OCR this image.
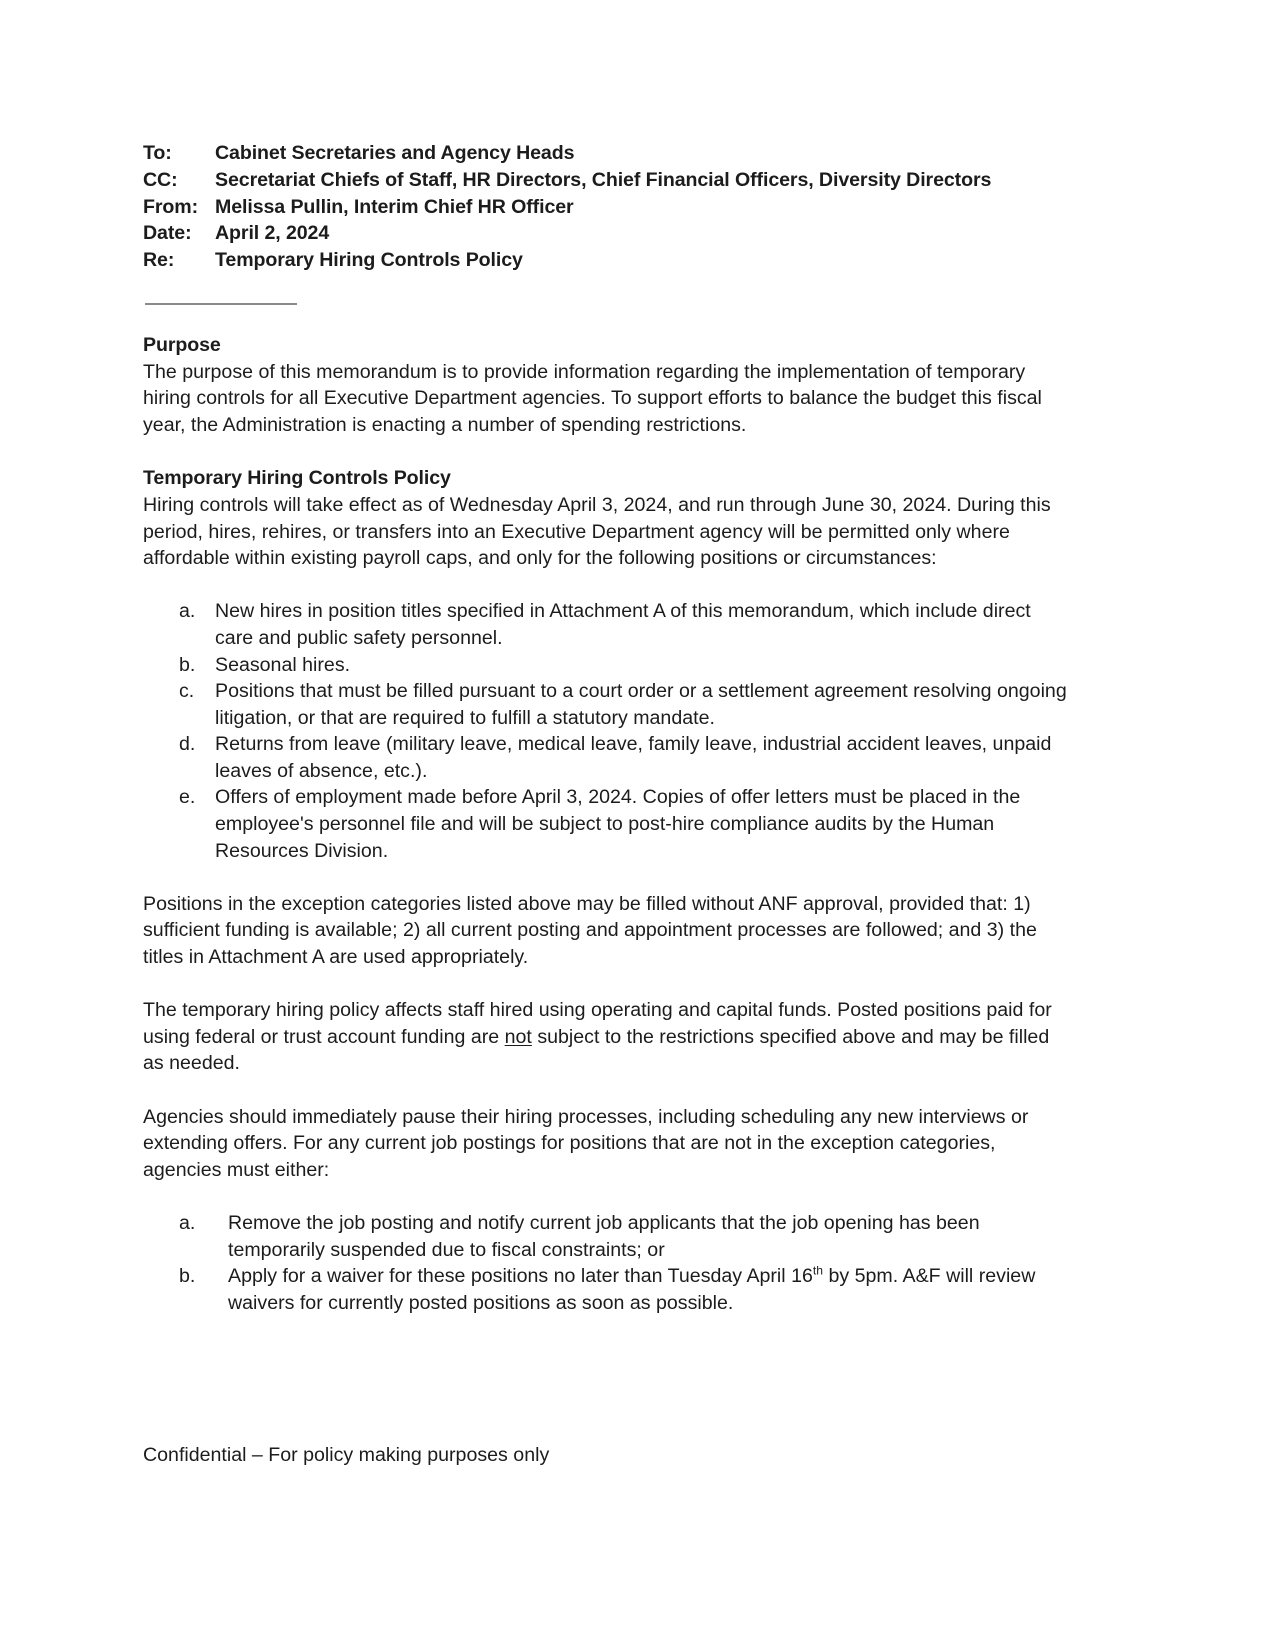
To:	Cabinet Secretaries and Agency Heads
CC:	Secretariat Chiefs of Staff, HR Directors, Chief Financial Officers, Diversity Directors
From: Melissa Pullin, Interim Chief HR Officer
Date:	April 2, 2024
Re:	Temporary Hiring Controls Policy
Purpose

The purpose of this memorandum is to provide information regarding the implementation of temporary hiring controls for all Executive Department agencies. To support efforts to balance the budget this fiscal year, the Administration is enacting a number of spending restrictions.

Temporary Hiring Controls Policy

Hiring controls will take effect as of Wednesday April 3, 2024, and run through June 30, 2024. During this period, hires, rehires, or transfers into an Executive Department agency will be permitted only where affordable within existing payroll caps, and only for the following positions or circumstances:

a.	New hires in position titles specified in Attachment A of this memorandum, which include direct care and public safety personnel.
b.	Seasonal hires.
c.	Positions that must be filled pursuant to a court order or a settlement agreement resolving ongoing litigation, or that are required to fulfill a statutory mandate.
d.	Returns from leave (military leave, medical leave, family leave, industrial accident leaves, unpaid leaves of absence, etc.).
e.	Offers of employment made before April 3, 2024. Copies of offer letters must be placed in the employee's personnel file and will be subject to post-hire compliance audits by the Human Resources Division.

Positions in the exception categories listed above may be filled without ANF approval, provided that: 1) sufficient funding is available; 2) all current posting and appointment processes are followed; and 3) the titles in Attachment A are used appropriately.

The temporary hiring policy affects staff hired using operating and capital funds. Posted positions paid for using federal or trust account funding are not subject to the restrictions specified above and may be filled as needed.

Agencies should immediately pause their hiring processes, including scheduling any new interviews or extending offers. For any current job postings for positions that are not in the exception categories, agencies must either:

a.	Remove the job posting and notify current job applicants that the job opening has been temporarily suspended due to fiscal constraints; or
b.	Apply for a waiver for these positions no later than Tuesday April 16th by 5pm. A&F will review waivers for currently posted positions as soon as possible.
Confidential – For policy making purposes only
